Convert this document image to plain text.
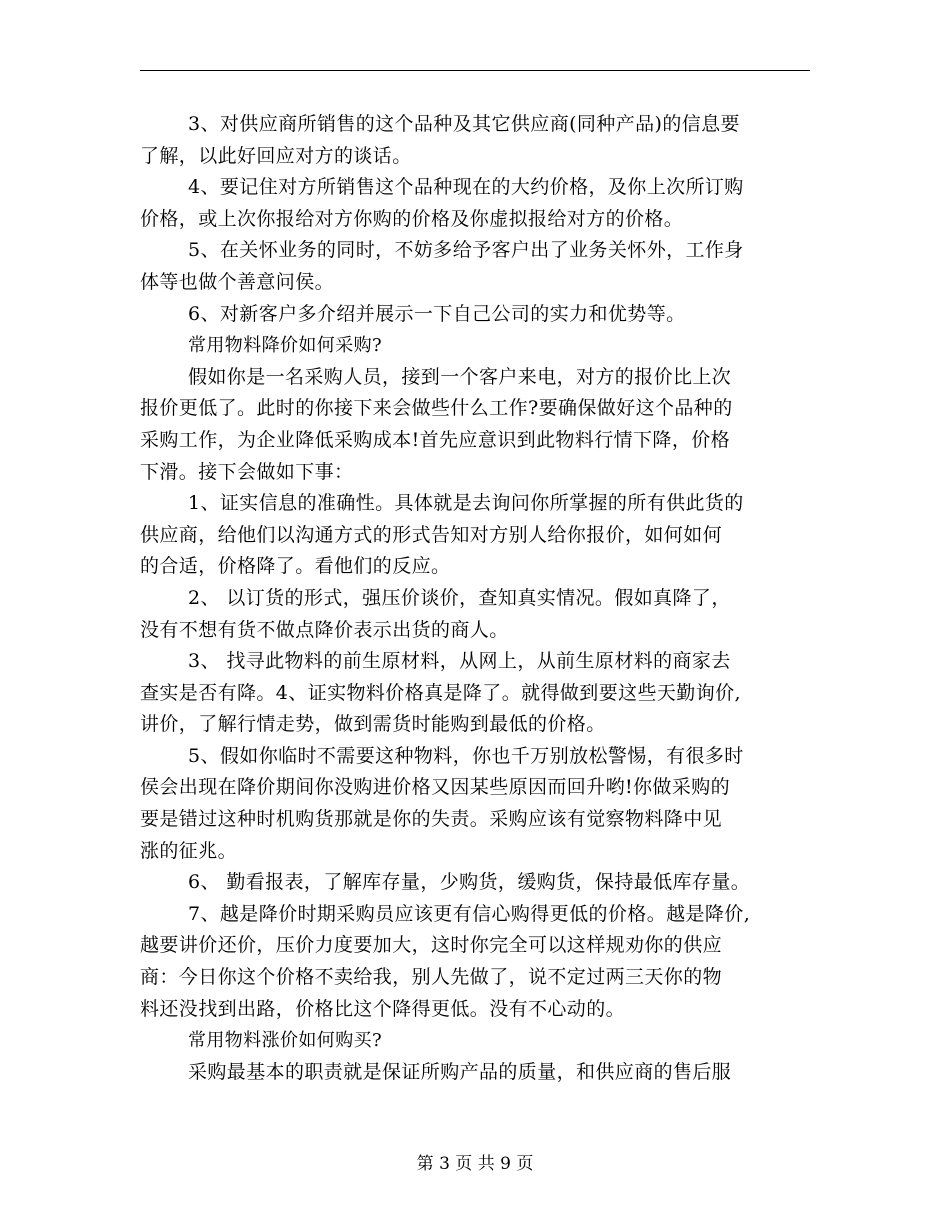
3、对供应商所销售的这个品种及其它供应商(同种产品)的信息要
了解，以此好回应对方的谈话。
4、要记住对方所销售这个品种现在的大约价格，及你上次所订购
价格，或上次你报给对方你购的价格及你虚拟报给对方的价格。
5、在关怀业务的同时，不妨多给予客户出了业务关怀外，工作身
体等也做个善意问侯。
6、对新客户多介绍并展示一下自己公司的实力和优势等。
常用物料降价如何采购?
假如你是一名采购人员，接到一个客户来电，对方的报价比上次
报价更低了。此时的你接下来会做些什么工作?要确保做好这个品种的
采购工作，为企业降低采购成本!首先应意识到此物料行情下降，价格
下滑。接下会做如下事：
1、证实信息的准确性。具体就是去询问你所掌握的所有供此货的
供应商，给他们以沟通方式的形式告知对方别人给你报价，如何如何
的合适，价格降了。看他们的反应。
2、 以订货的形式，强压价谈价，查知真实情况。假如真降了，
没有不想有货不做点降价表示出货的商人。
3、 找寻此物料的前生原材料，从网上，从前生原材料的商家去
查实是否有降。4、证实物料价格真是降了。就得做到要这些天勤询价,
讲价，了解行情走势，做到需货时能购到最低的价格。
5、假如你临时不需要这种物料，你也千万别放松警惕，有很多时
侯会出现在降价期间你没购进价格又因某些原因而回升哟!你做采购的
要是错过这种时机购货那就是你的失责。采购应该有觉察物料降中见
涨的征兆。
6、 勤看报表，了解库存量，少购货，缓购货，保持最低库存量。
7、越是降价时期采购员应该更有信心购得更低的价格。越是降价,
越要讲价还价，压价力度要加大，这时你完全可以这样规劝你的供应
商：今日你这个价格不卖给我，别人先做了，说不定过两三天你的物
料还没找到出路，价格比这个降得更低。没有不心动的。
常用物料涨价如何购买?
采购最基本的职责就是保证所购产品的质量，和供应商的售后服
第 3 页 共 9 页
